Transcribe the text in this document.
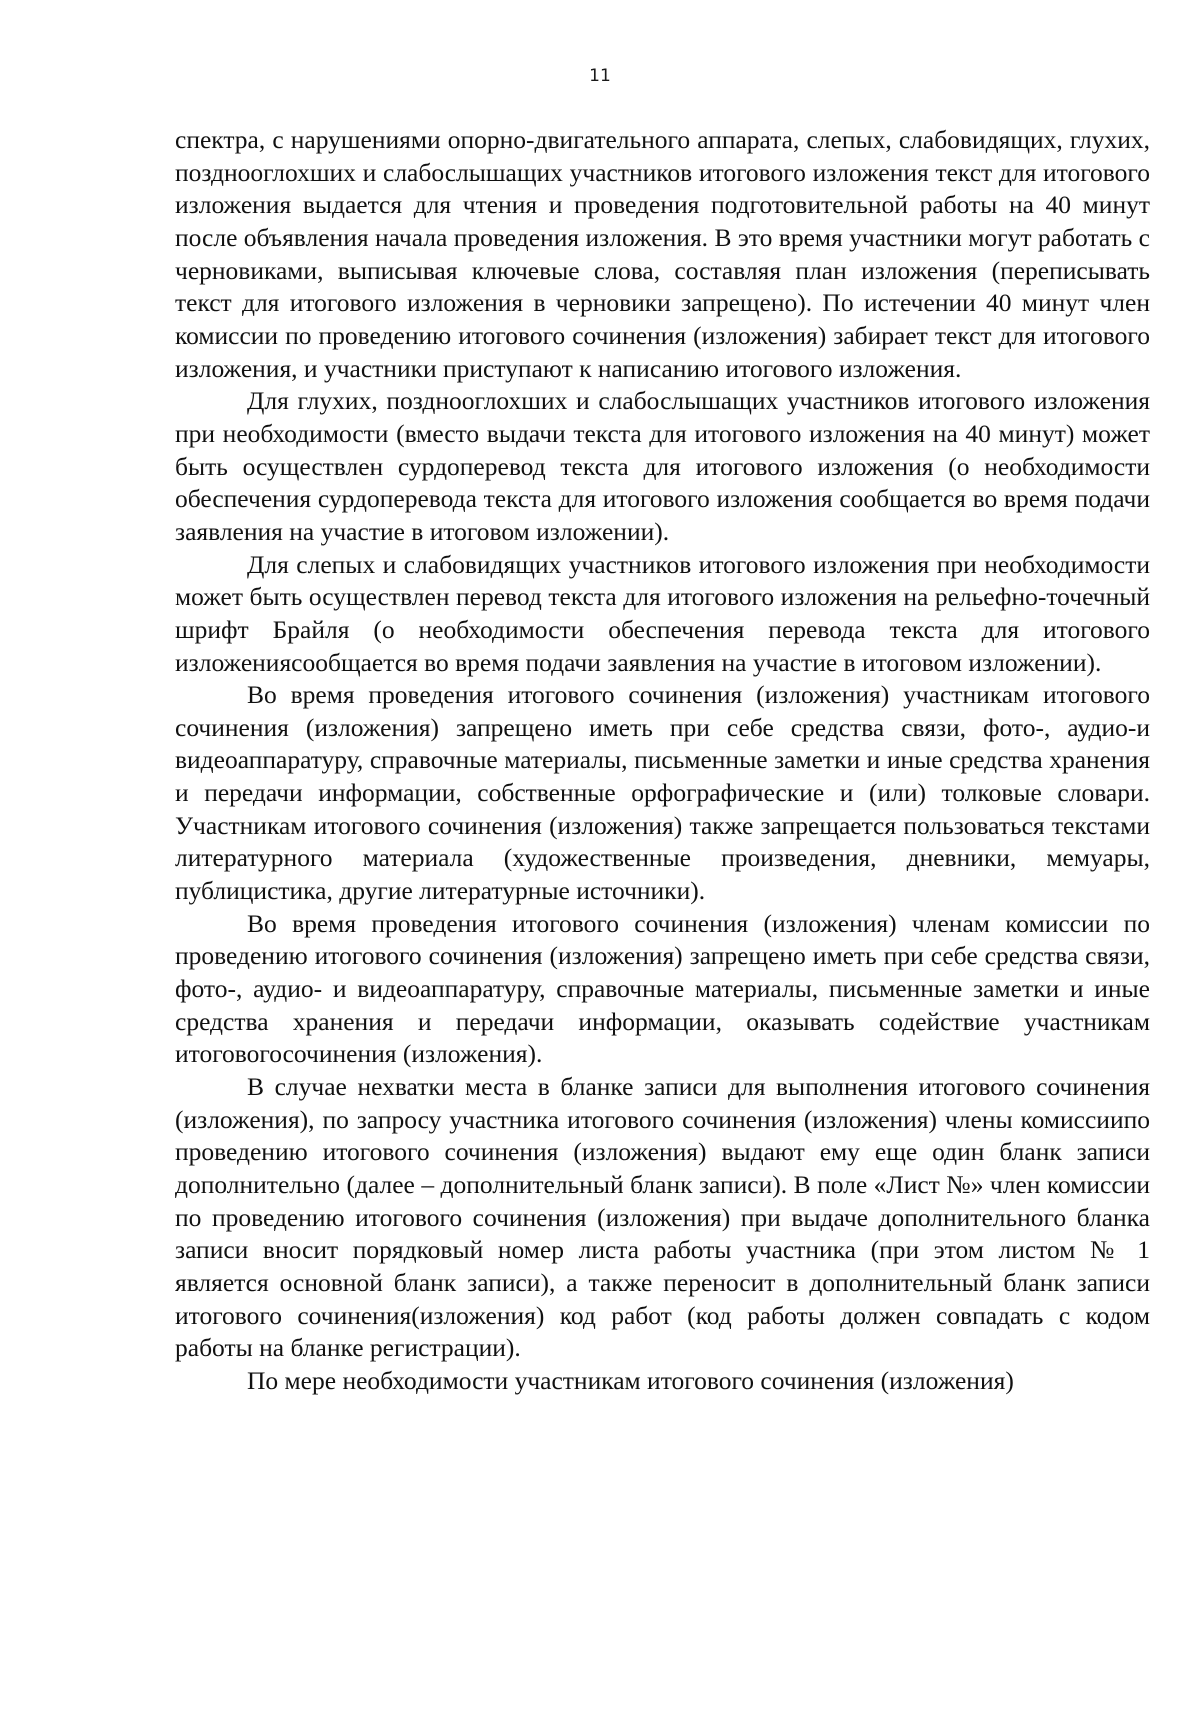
11

спектра, с нарушениями опорно-двигательного аппарата, слепых, слабовидящих, глухих, позднооглохших и слабослышащих участников итогового изложения текст для итогового изложения выдается для чтения и проведения подготовительной работы на 40 минут после объявления начала проведения изложения. В это время участники могут работать с черновиками, выписывая ключевые слова, составляя план изложения (переписывать текст для итогового изложения в черновики запрещено). По истечении 40 минут член комиссии по проведению итогового сочинения (изложения) забирает текст для итогового изложения, и участники приступают к написанию итогового изложения.

Для глухих, позднооглохших и слабослышащих участников итогового изложения при необходимости (вместо выдачи текста для итогового изложения на 40 минут) может быть осуществлен сурдоперевод текста для итогового изложения (о необходимости обеспечения сурдоперевода текста для итогового изложения сообщается во время подачи заявления на участие в итоговом изложении).

Для слепых и слабовидящих участников итогового изложения при необходимости может быть осуществлен перевод текста для итогового изложения на рельефно-точечный шрифт Брайля (о необходимости обеспечения перевода текста для итогового изложениясообщается во время подачи заявления на участие в итоговом изложении).

Во время проведения итогового сочинения (изложения) участникам итогового сочинения (изложения) запрещено иметь при себе средства связи, фото-, аудио-и видеоаппаратуру, справочные материалы, письменные заметки и иные средства хранения и передачи информации, собственные орфографические и (или) толковые словари. Участникам итогового сочинения (изложения) также запрещается пользоваться текстами литературного материала (художественные произведения, дневники, мемуары, публицистика, другие литературные источники).

Во время проведения итогового сочинения (изложения) членам комиссии по проведению итогового сочинения (изложения) запрещено иметь при себе средства связи, фото-, аудио- и видеоаппаратуру, справочные материалы, письменные заметки и иные средства хранения и передачи информации, оказывать содействие участникам итоговогосочинения (изложения).

В случае нехватки места в бланке записи для выполнения итогового сочинения (изложения), по запросу участника итогового сочинения (изложения) члены комиссиипо проведению итогового сочинения (изложения) выдают ему еще один бланк записи дополнительно (далее – дополнительный бланк записи). В поле «Лист №» член комиссии по проведению итогового сочинения (изложения) при выдаче дополнительного бланка записи вносит порядковый номер листа работы участника (при этом листом № 1 является основной бланк записи), а также переносит в дополнительный бланк записи итогового сочинения(изложения) код работ (код работы должен совпадать с кодом работы на бланке регистрации).

По мере необходимости участникам итогового сочинения (изложения)
